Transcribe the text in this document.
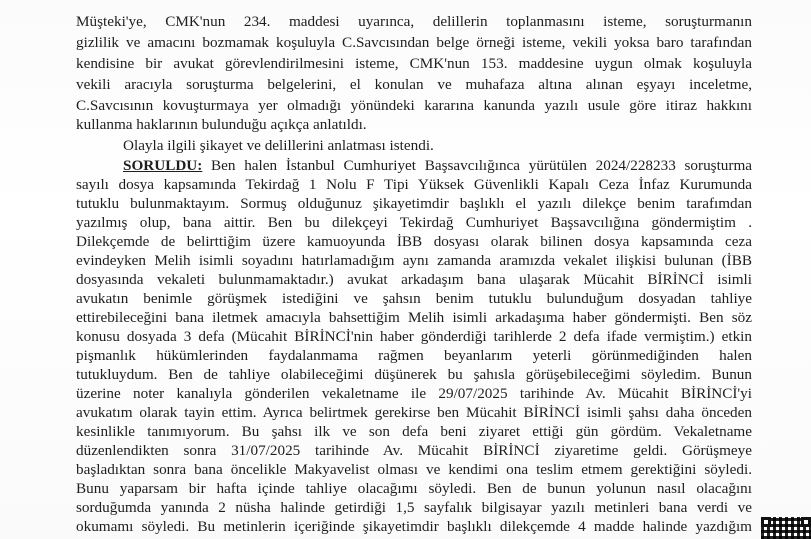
Müşteki'ye, CMK'nun 234. maddesi uyarınca, delillerin toplanmasını isteme, soruşturmanın
gizlilik ve amacını bozmamak koşuluyla C.Savcısından belge örneği isteme, vekili yoksa baro tarafından
kendisine bir avukat görevlendirilmesini isteme, CMK'nun 153. maddesine uygun olmak koşuluyla
vekili aracıyla soruşturma belgelerini, el konulan ve muhafaza altına alınan eşyayı inceletme,
C.Savcısının kovuşturmaya yer olmadığı yönündeki kararına kanunda yazılı usule göre itiraz hakkını
kullanma haklarının bulunduğu açıkça anlatıldı.
Olayla ilgili şikayet ve delillerini anlatması istendi.
SORULDU: Ben halen İstanbul Cumhuriyet Başsavcılığınca yürütülen 2024/228233 soruşturma
sayılı dosya kapsamında Tekirdağ 1 Nolu F Tipi Yüksek Güvenlikli Kapalı Ceza İnfaz Kurumunda
tutuklu bulunmaktayım. Sormuş olduğunuz şikayetimdir başlıklı el yazılı dilekçe benim tarafımdan
yazılmış olup, bana aittir. Ben bu dilekçeyi Tekirdağ Cumhuriyet Başsavcılığına göndermiştim .
Dilekçemde de belirttiğim üzere kamuoyunda İBB dosyası olarak bilinen dosya kapsamında ceza
evindeyken Melih isimli soyadını hatırlamadığım aynı zamanda aramızda vekalet ilişkisi bulunan (İBB
dosyasında vekaleti bulunmamaktadır.) avukat arkadaşım bana ulaşarak Mücahit BİRİNCİ isimli
avukatın benimle görüşmek istediğini ve şahsın benim tutuklu bulunduğum dosyadan tahliye
ettirebileceğini bana iletmek amacıyla bahsettiğim Melih isimli arkadaşıma haber göndermişti. Ben söz
konusu dosyada 3 defa (Mücahit BİRİNCİ'nin haber gönderdiği tarihlerde 2 defa ifade vermiştim.) etkin
pişmanlık hükümlerinden faydalanmama rağmen beyanlarım yeterli görünmediğinden halen
tutukluydum. Ben de tahliye olabileceğimi düşünerek bu şahısla görüşebileceğimi söyledim. Bunun
üzerine noter kanalıyla gönderilen vekaletname ile 29/07/2025 tarihinde Av. Mücahit BİRİNCİ'yi
avukatım olarak tayin ettim. Ayrıca belirtmek gerekirse ben Mücahit BİRİNCİ isimli şahsı daha önceden
kesinlikle tanımıyorum. Bu şahsı ilk ve son defa beni ziyaret ettiği gün gördüm. Vekaletname
düzenlendikten sonra 31/07/2025 tarihinde Av. Mücahit BİRİNCİ ziyaretime geldi. Görüşmeye
başladıktan sonra bana öncelikle Makyavelist olması ve kendimi ona teslim etmem gerektiğini söyledi.
Bunu yaparsam bir hafta içinde tahliye olacağımı söyledi. Ben de bunun yolunun nasıl olacağını
sorduğumda yanında 2 nüsha halinde getirdiği 1,5 sayfalık bilgisayar yazılı metinleri bana verdi ve
okumamı söyledi. Bu metinlerin içeriğinde şikayetimdir başlıklı dilekçemde 4 madde halinde yazdığım
